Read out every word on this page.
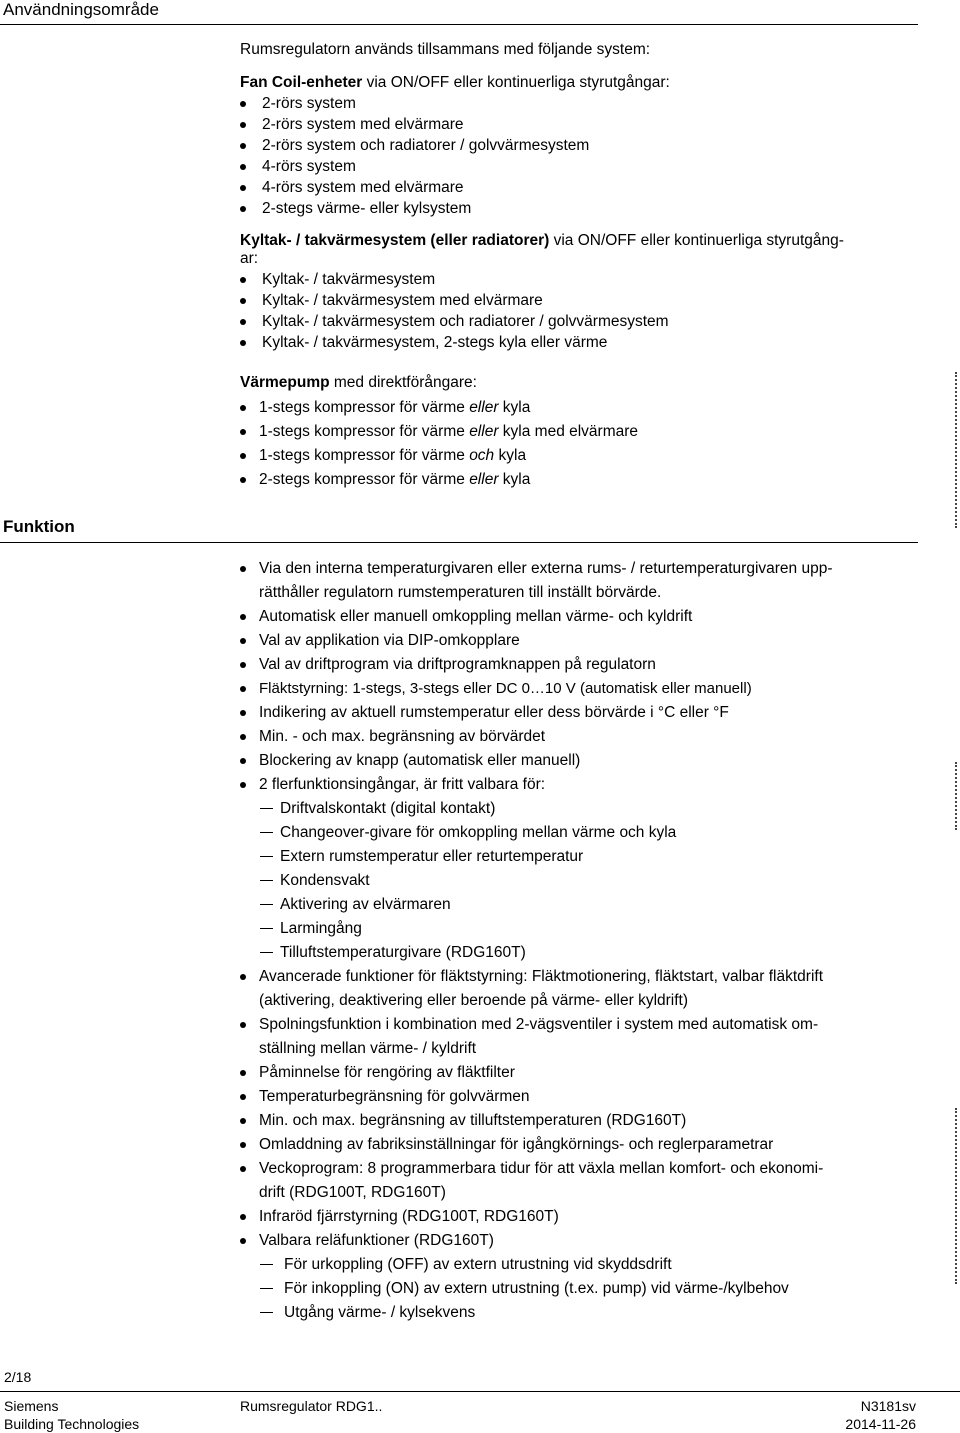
Användningsområde
Rumsregulatorn används tillsammans med följande system:
Fan Coil-enheter via ON/OFF eller kontinuerliga styrutgångar:
2-rörs system
2-rörs system med elvärmare
2-rörs system och radiatorer / golvvärmesystem
4-rörs system
4-rörs system med elvärmare
2-stegs värme- eller kylsystem
Kyltak- / takvärmesystem (eller radiatorer) via ON/OFF eller kontinuerliga styrutgång-
ar:
Kyltak- / takvärmesystem
Kyltak- / takvärmesystem med elvärmare
Kyltak- / takvärmesystem och radiatorer / golvvärmesystem
Kyltak- / takvärmesystem, 2-stegs kyla eller värme
Värmepump med direktförångare:
1-stegs kompressor för värme eller kyla
1-stegs kompressor för värme eller kyla med elvärmare
1-stegs kompressor för värme och kyla
2-stegs kompressor för värme eller kyla
Via den interna temperaturgivaren eller externa rums- / returtemperaturgivaren upp-
rätthåller regulatorn rumstemperaturen till inställt börvärde.
Automatisk eller manuell omkoppling mellan värme- och kyldrift
Val av applikation via DIP-omkopplare
Val av driftprogram via driftprogramknappen på regulatorn
Fläktstyrning: 1-stegs, 3-stegs eller DC 0…10 V (automatisk eller manuell)
Indikering av aktuell rumstemperatur eller dess börvärde i °C eller °F
Min. - och max. begränsning av börvärdet
Blockering av knapp (automatisk eller manuell)
2 flerfunktionsingångar, är fritt valbara för:
Driftvalskontakt (digital kontakt)
Changeover-givare för omkoppling mellan värme och kyla
Extern rumstemperatur eller returtemperatur
Kondensvakt
Aktivering av elvärmaren
Larmingång
Tilluftstemperaturgivare (RDG160T)
Avancerade funktioner för fläktstyrning: Fläktmotionering, fläktstart, valbar fläktdrift
(aktivering, deaktivering eller beroende på värme- eller kyldrift)
Spolningsfunktion i kombination med 2-vägsventiler i system med automatisk om-
ställning mellan värme- / kyldrift
Påminnelse för rengöring av fläktfilter
Temperaturbegränsning för golvvärmen
Min. och max. begränsning av tilluftstemperaturen (RDG160T)
Omladdning av fabriksinställningar för igångkörnings- och reglerparametrar
Veckoprogram: 8 programmerbara tidur för att växla mellan komfort- och ekonomi-
drift (RDG100T, RDG160T)
Infraröd fjärrstyrning (RDG100T, RDG160T)
Valbara reläfunktioner (RDG160T)
För urkoppling (OFF) av extern utrustning vid skyddsdrift
För inkoppling (ON) av extern utrustning (t.ex. pump) vid värme-/kylbehov
Utgång värme- / kylsekvens
Funktion
2/18
Siemens
Building Technologies
Rumsregulator RDG1..	N3181sv
2014-11-26
